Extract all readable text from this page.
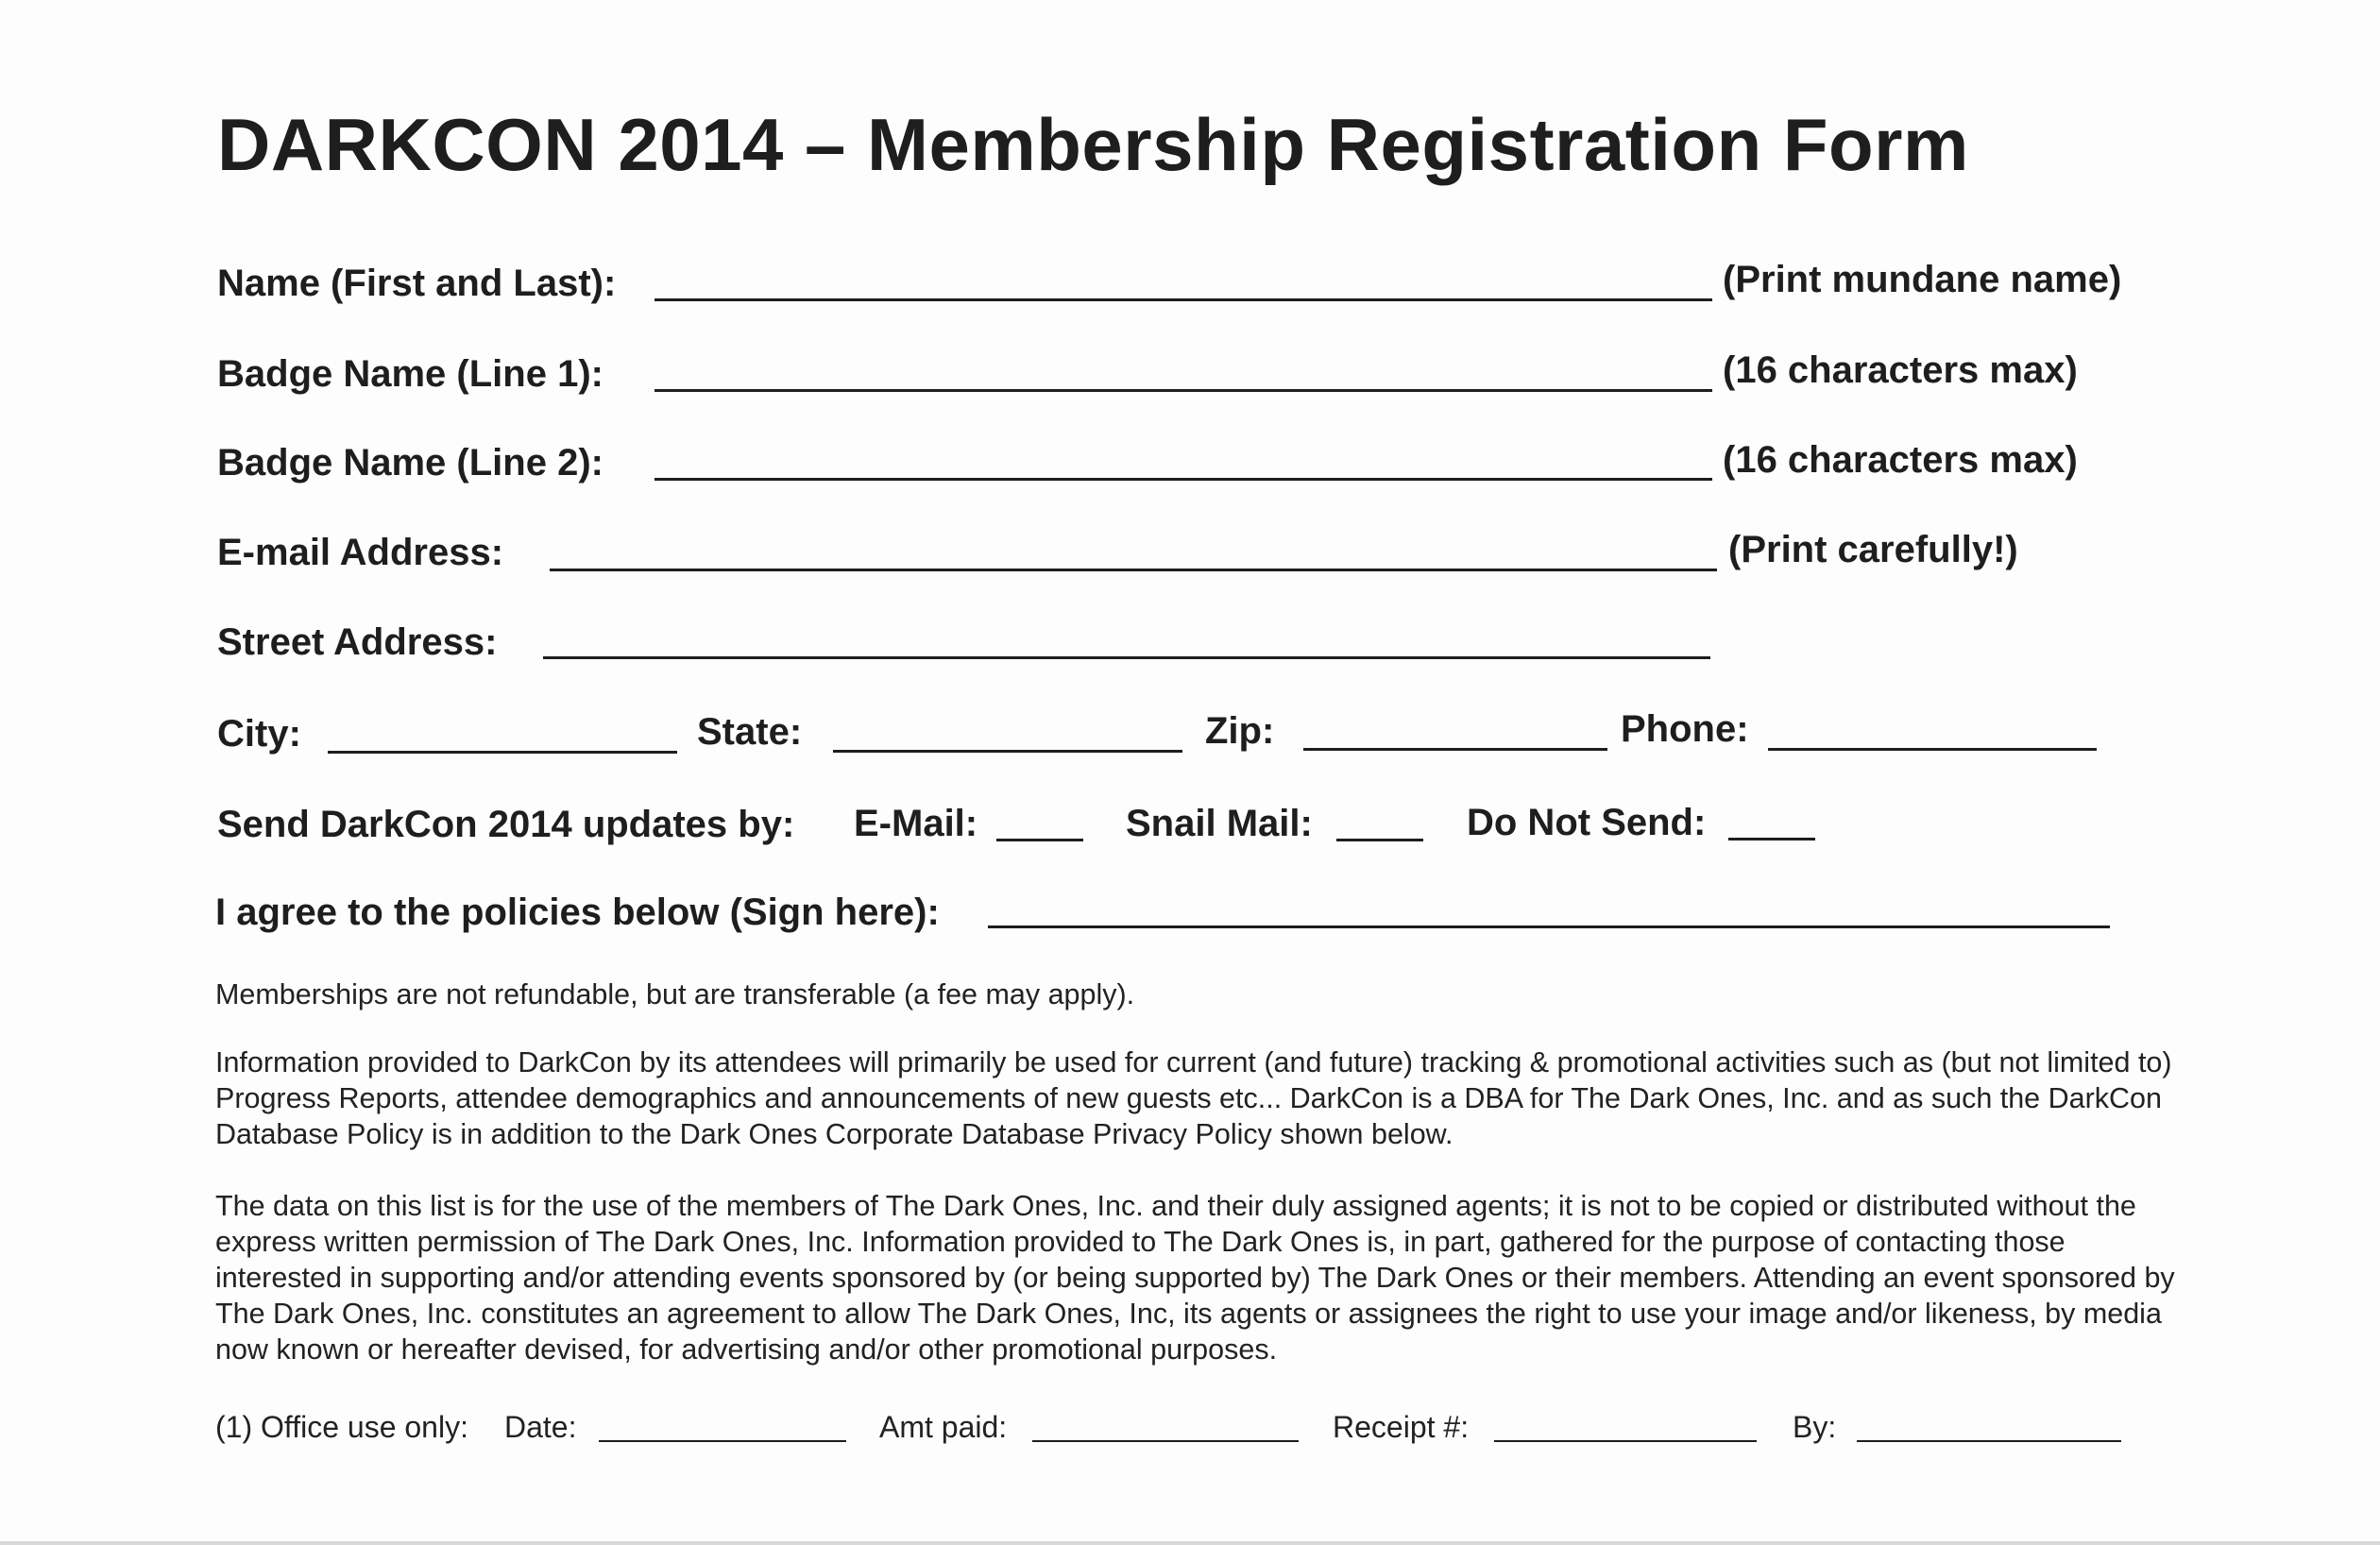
DARKCON 2014 – Membership Registration Form
Name (First and Last):	(Print mundane name)
Badge Name (Line 1):	(16 characters max)
Badge Name (Line 2):	(16 characters max)
E-mail Address:	(Print carefully!)
Street Address:
City:	State:	Zip:	Phone:
Send DarkCon 2014 updates by: E-Mail:	Snail Mail:	Do Not Send:
I agree to the policies below (Sign here):
Memberships are not refundable, but are transferable (a fee may apply).
Information provided to DarkCon by its attendees will primarily be used for current (and future) tracking & promotional activities such as (but not limited to) Progress Reports, attendee demographics and announcements of new guests etc... DarkCon is a DBA for The Dark Ones, Inc. and as such the DarkCon Database Policy is in addition to the Dark Ones Corporate Database Privacy Policy shown below.
The data on this list is for the use of the members of The Dark Ones, Inc. and their duly assigned agents; it is not to be copied or distributed without the express written permission of The Dark Ones, Inc. Information provided to The Dark Ones is, in part, gathered for the purpose of contacting those interested in supporting and/or attending events sponsored by (or being supported by) The Dark Ones or their members. Attending an event sponsored by The Dark Ones, Inc. constitutes an agreement to allow The Dark Ones, Inc, its agents or assignees the right to use your image and/or likeness, by media now known or hereafter devised, for advertising and/or other promotional purposes.
(1) Office use only: Date:	Amt paid:	Receipt #:	By:
